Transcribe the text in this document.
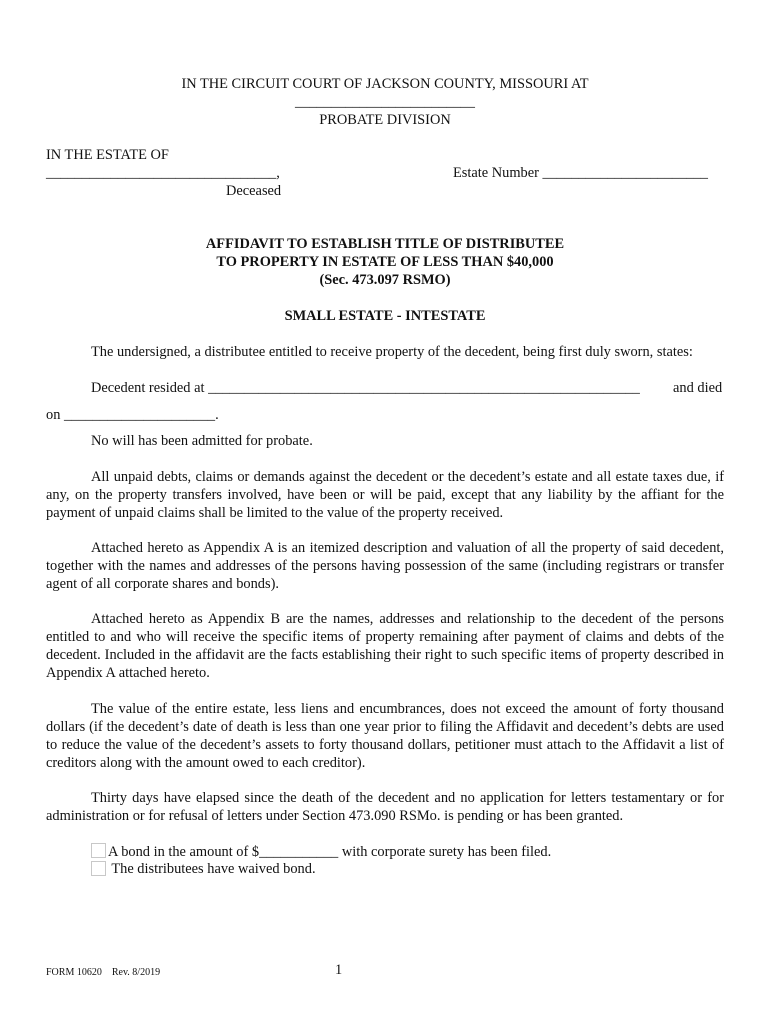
IN THE CIRCUIT COURT OF JACKSON COUNTY, MISSOURI AT
_________________________
PROBATE DIVISION
IN THE ESTATE OF
________________________________,	Estate Number _______________________
Deceased
AFFIDAVIT TO ESTABLISH TITLE OF DISTRIBUTEE
TO PROPERTY IN ESTATE OF LESS THAN $40,000
(Sec. 473.097 RSMO)
SMALL ESTATE - INTESTATE
The undersigned, a distributee entitled to receive property of the decedent, being first duly sworn, states:
Decedent resided at ____________________________________________________________ and died
on _____________________.
No will has been admitted for probate.
All unpaid debts, claims or demands against the decedent or the decedent’s estate and all estate taxes due, if any, on the property transfers involved, have been or will be paid, except that any liability by the affiant for the payment of unpaid claims shall be limited to the value of the property received.
Attached hereto as Appendix A is an itemized description and valuation of all the property of said decedent, together with the names and addresses of the persons having possession of the same (including registrars or transfer agent of all corporate shares and bonds).
Attached hereto as Appendix B are the names, addresses and relationship to the decedent of the persons entitled to and who will receive the specific items of property remaining after payment of claims and debts of the decedent. Included in the affidavit are the facts establishing their right to such specific items of property described in Appendix A attached hereto.
The value of the entire estate, less liens and encumbrances, does not exceed the amount of forty thousand dollars (if the decedent’s date of death is less than one year prior to filing the Affidavit and decedent’s debts are used to reduce the value of the decedent’s assets to forty thousand dollars, petitioner must attach to the Affidavit a list of creditors along with the amount owed to each creditor).
Thirty days have elapsed since the death of the decedent and no application for letters testamentary or for administration or for refusal of letters under Section 473.090 RSMo. is pending or has been granted.
A bond in the amount of $___________ with corporate surety has been filed.
The distributees have waived bond.
FORM 10620    Rev. 8/2019	1
